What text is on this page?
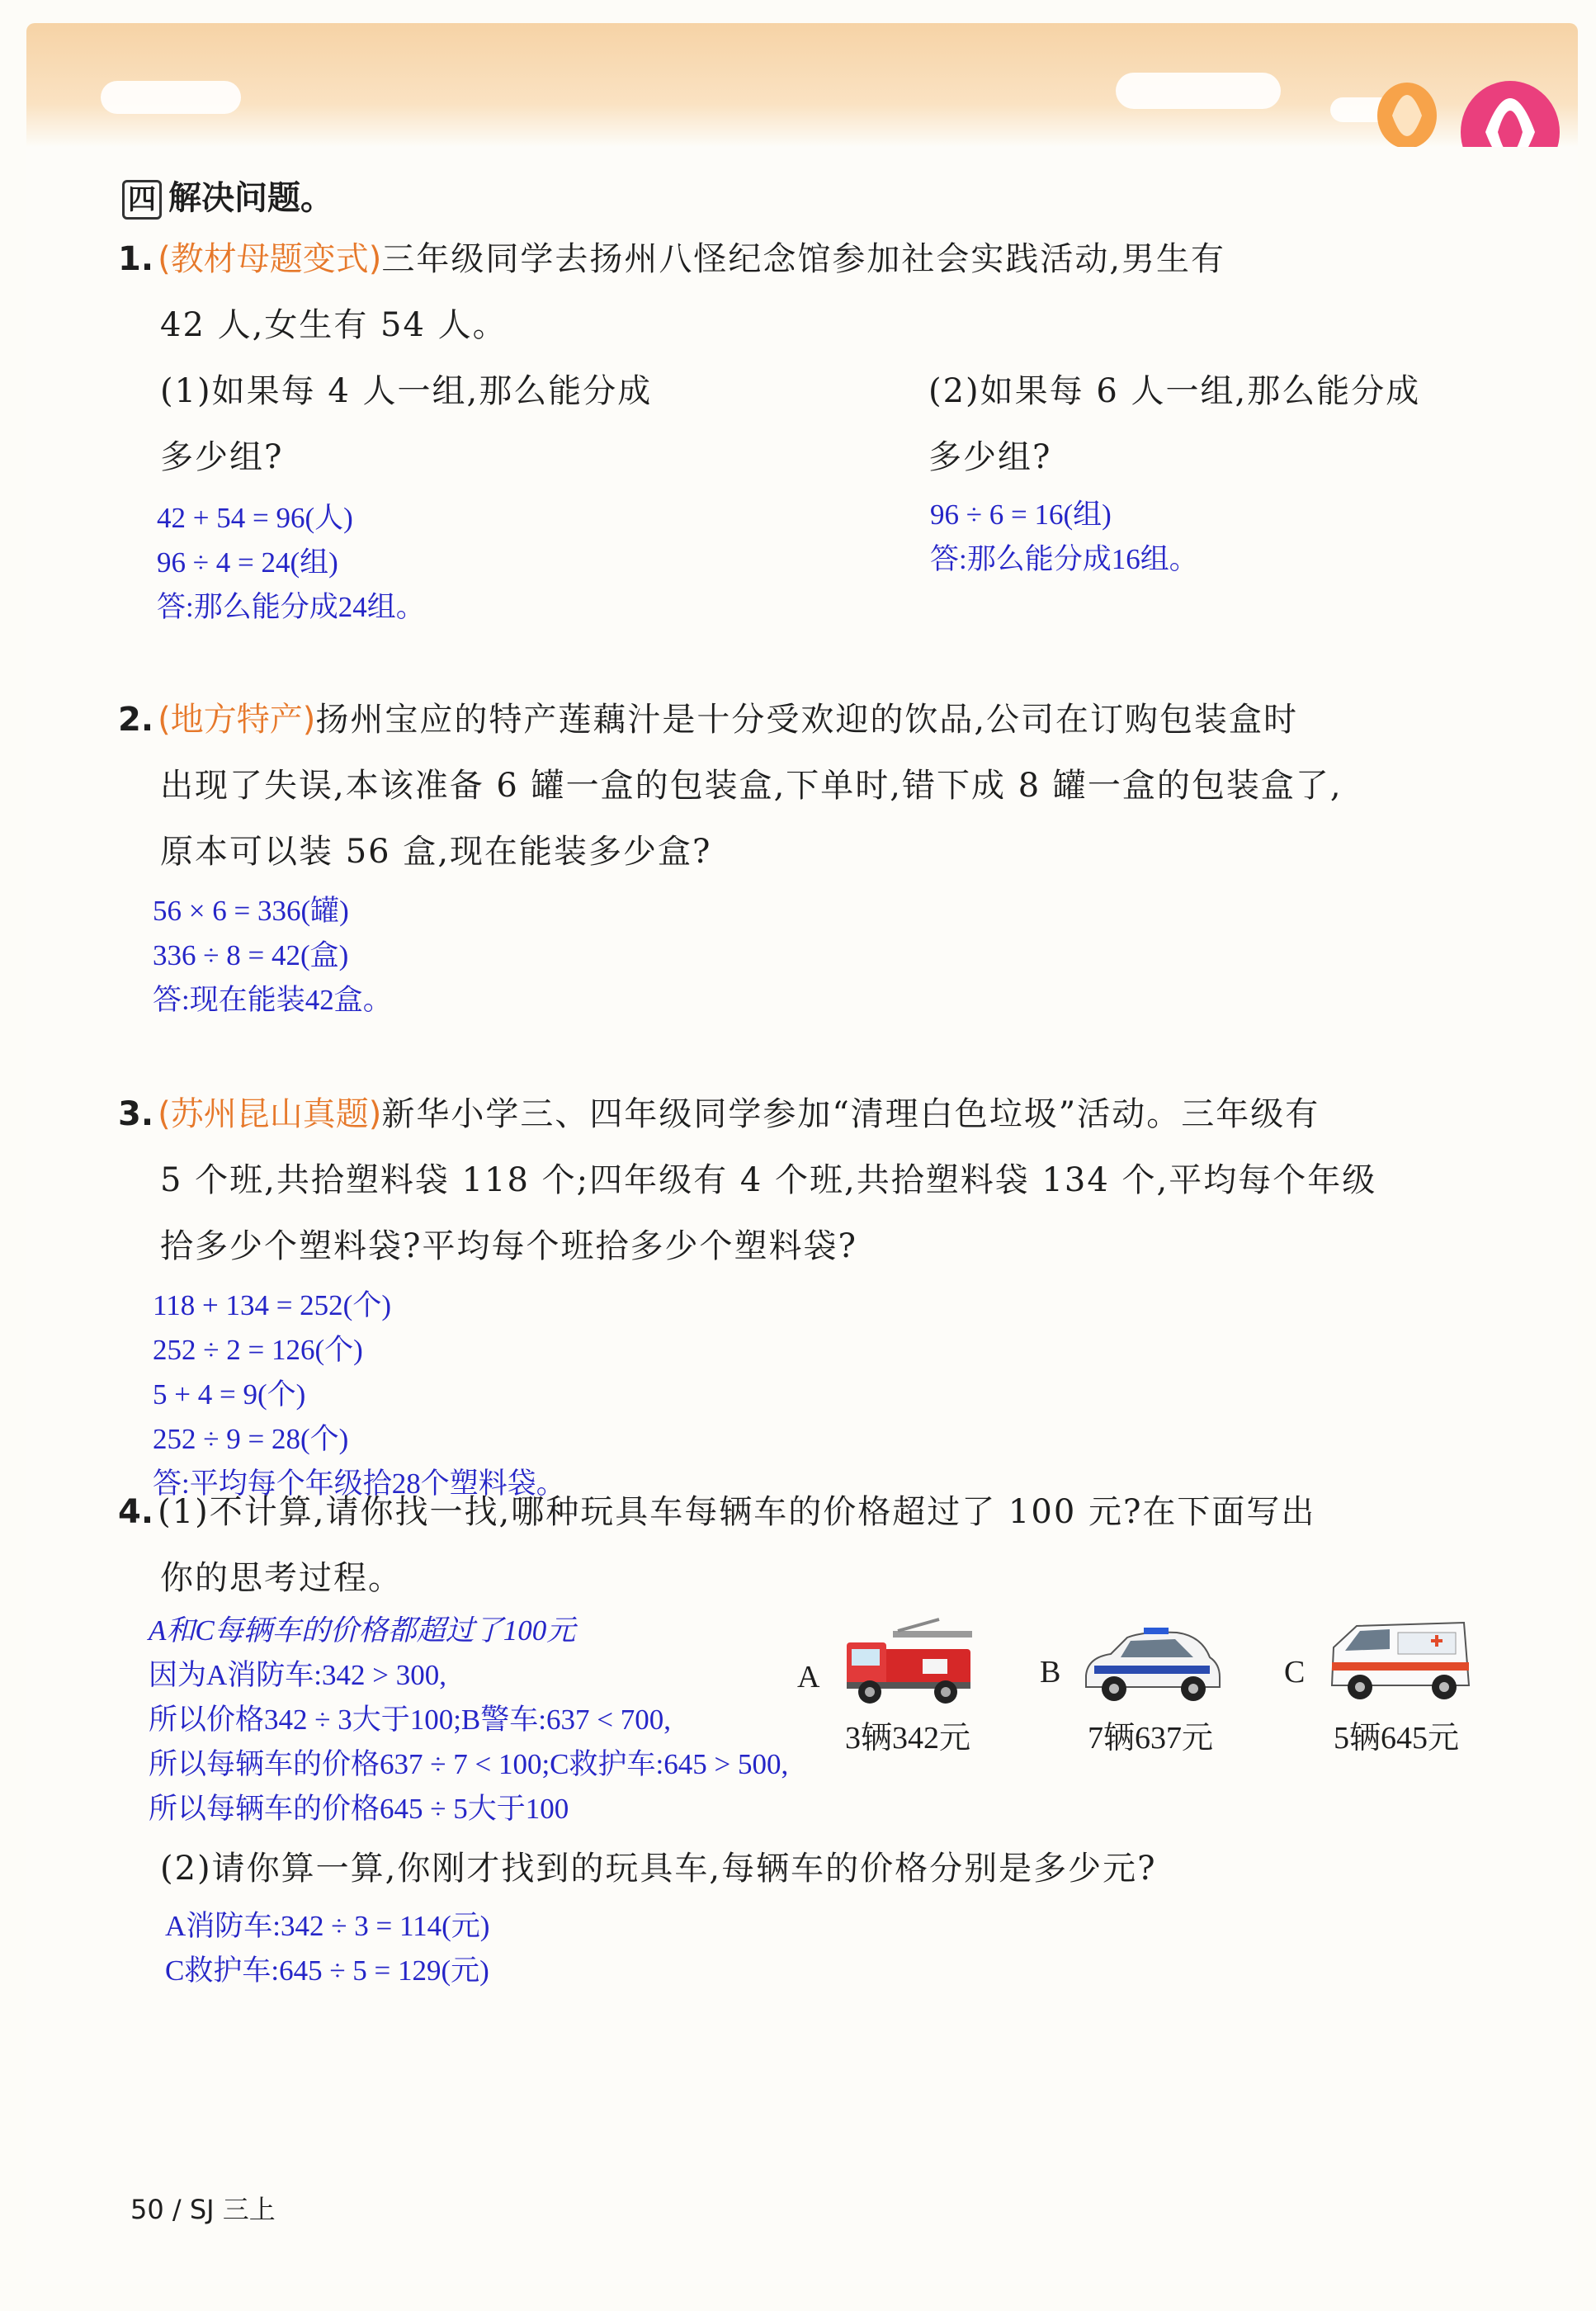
四 解决问题。
1. (教材母题变式)三年级同学去扬州八怪纪念馆参加社会实践活动,男生有
42 人,女生有 54 人。
(1)如果每 4 人一组,那么能分成
多少组?
(2)如果每 6 人一组,那么能分成
多少组?
42 + 54 = 96(人)
96 ÷ 4 = 24(组)
答:那么能分成24组。
96 ÷ 6 = 16(组)
答:那么能分成16组。
2. (地方特产)扬州宝应的特产莲藕汁是十分受欢迎的饮品,公司在订购包装盒时
出现了失误,本该准备 6 罐一盒的包装盒,下单时,错下成 8 罐一盒的包装盒了,
原本可以装 56 盒,现在能装多少盒?
56 × 6 = 336(罐)
336 ÷ 8 = 42(盒)
答:现在能装42盒。
3. (苏州昆山真题)新华小学三、四年级同学参加“清理白色垃圾”活动。三年级有
5 个班,共拾塑料袋 118 个;四年级有 4 个班,共拾塑料袋 134 个,平均每个年级
拾多少个塑料袋?平均每个班拾多少个塑料袋?
118 + 134 = 252(个)
252 ÷ 2 = 126(个)
5 + 4 = 9(个)
252 ÷ 9 = 28(个)
答:平均每个年级拾28个塑料袋。
4. (1)不计算,请你找一找,哪种玩具车每辆车的价格超过了 100 元?在下面写出
你的思考过程。
A和C每辆车的价格都超过了100元
因为A消防车:342 > 300,
所以价格342 ÷ 3大于100;B警车:637 < 700,
所以每辆车的价格637 ÷ 7 < 100;C救护车:645 > 500,
所以每辆车的价格645 ÷ 5大于100
A
3辆342元
B
7辆637元
C
5辆645元
(2)请你算一算,你刚才找到的玩具车,每辆车的价格分别是多少元?
A消防车:342 ÷ 3 = 114(元)
C救护车:645 ÷ 5 = 129(元)
50 / SJ 三上
